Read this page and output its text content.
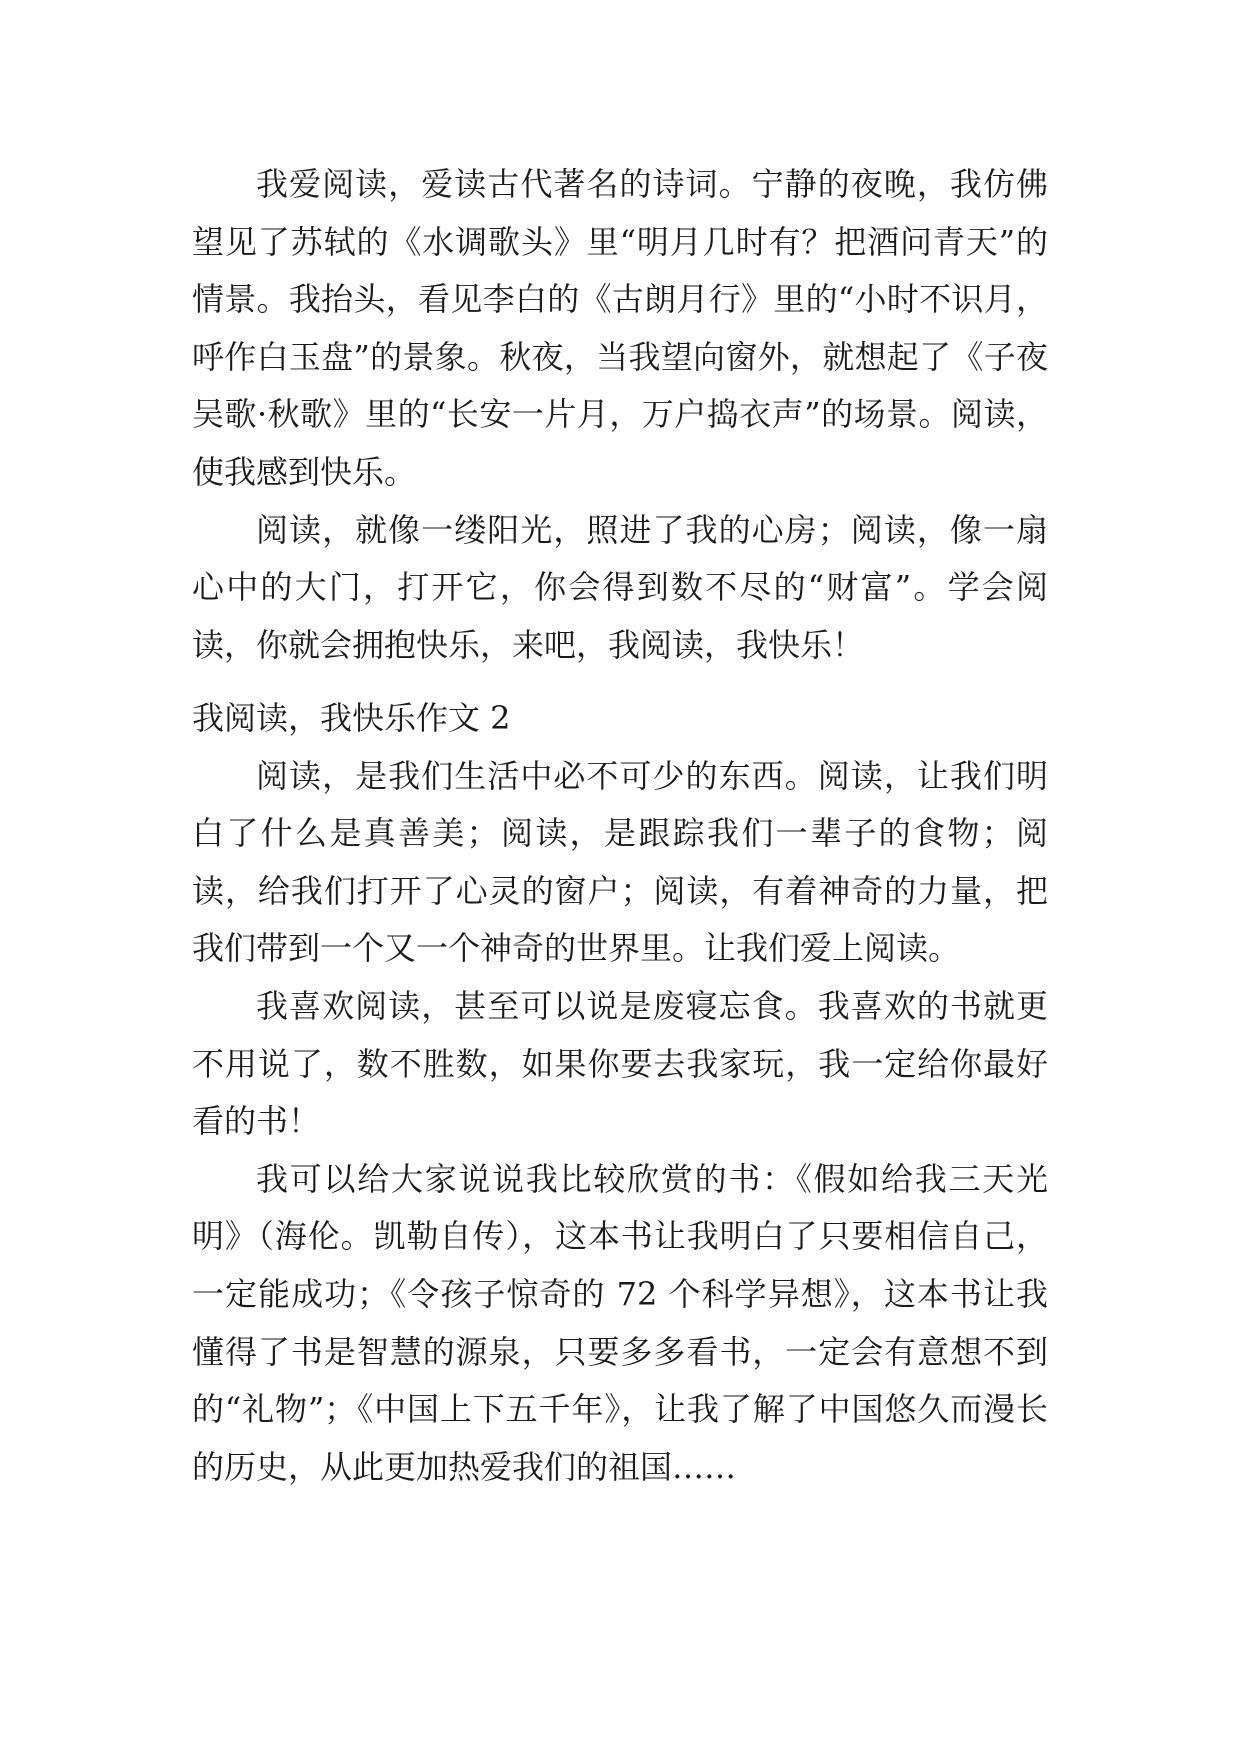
我爱阅读，爱读古代著名的诗词。宁静的夜晚，我仿佛望见了苏轼的《水调歌头》里“明月几时有？把酒问青天”的情景。我抬头，看见李白的《古朗月行》里的“小时不识月，呼作白玉盘”的景象。秋夜，当我望向窗外，就想起了《子夜吴歌·秋歌》里的“长安一片月，万户捣衣声”的场景。阅读，使我感到快乐。

阅读，就像一缕阳光，照进了我的心房；阅读，像一扇心中的大门，打开它，你会得到数不尽的“财富”。学会阅读，你就会拥抱快乐，来吧，我阅读，我快乐！

我阅读，我快乐作文 2

阅读，是我们生活中必不可少的东西。阅读，让我们明白了什么是真善美；阅读，是跟踪我们一辈子的食物；阅读，给我们打开了心灵的窗户；阅读，有着神奇的力量，把我们带到一个又一个神奇的世界里。让我们爱上阅读。

我喜欢阅读，甚至可以说是废寝忘食。我喜欢的书就更不用说了，数不胜数，如果你要去我家玩，我一定给你最好看的书！

我可以给大家说说我比较欣赏的书：《假如给我三天光明》（海伦。凯勒自传），这本书让我明白了只要相信自己，一定能成功；《令孩子惊奇的 72 个科学异想》，这本书让我懂得了书是智慧的源泉，只要多多看书，一定会有意想不到的“礼物”；《中国上下五千年》，让我了解了中国悠久而漫长的历史，从此更加热爱我们的祖国……
